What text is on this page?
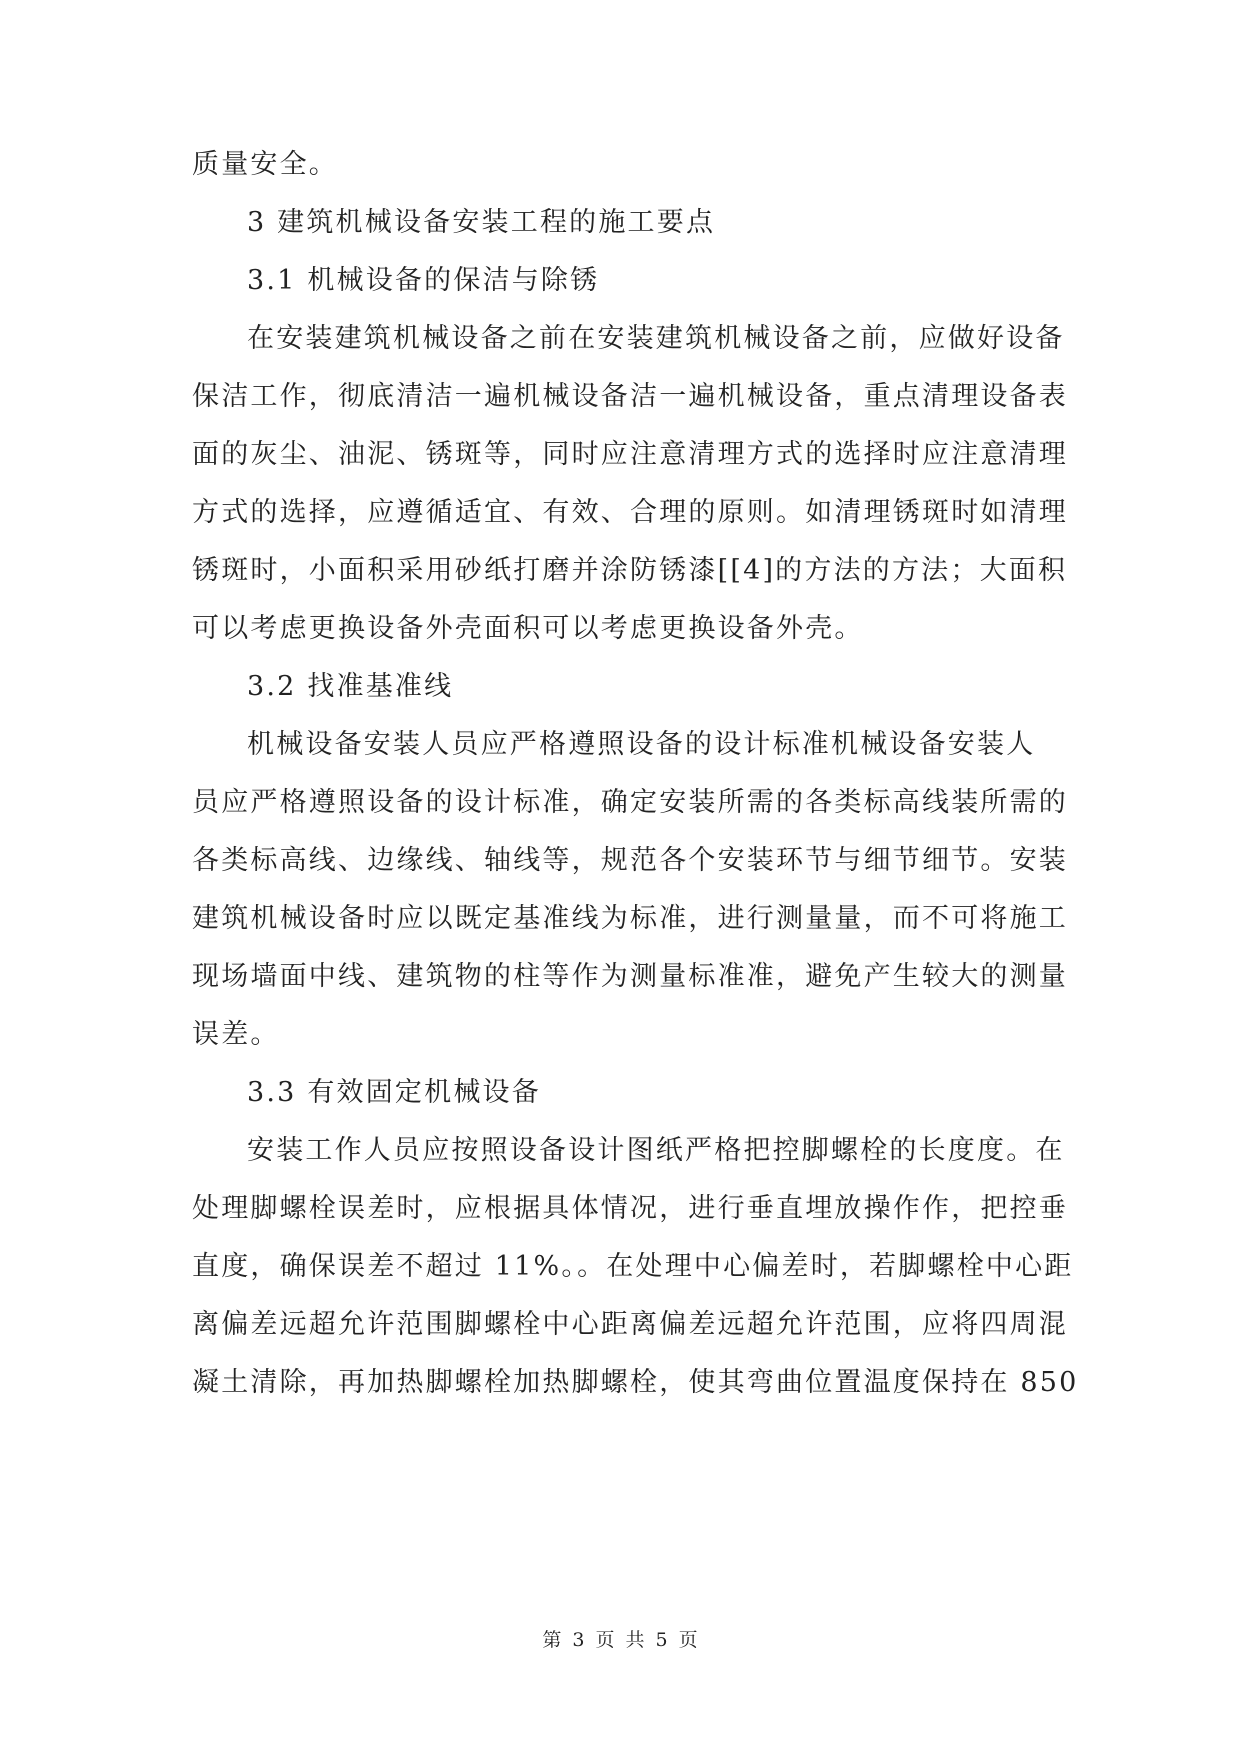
质量安全。
3 建筑机械设备安装工程的施工要点
3.1 机械设备的保洁与除锈
在安装建筑机械设备之前在安装建筑机械设备之前，应做好设备
保洁工作，彻底清洁一遍机械设备洁一遍机械设备，重点清理设备表
面的灰尘、油泥、锈斑等，同时应注意清理方式的选择时应注意清理
方式的选择，应遵循适宜、有效、合理的原则。如清理锈斑时如清理
锈斑时，小面积采用砂纸打磨并涂防锈漆[[4]的方法的方法；大面积
可以考虑更换设备外壳面积可以考虑更换设备外壳。
3.2 找准基准线
机械设备安装人员应严格遵照设备的设计标准机械设备安装人
员应严格遵照设备的设计标准，确定安装所需的各类标高线装所需的
各类标高线、边缘线、轴线等，规范各个安装环节与细节细节。安装
建筑机械设备时应以既定基准线为标准，进行测量量，而不可将施工
现场墙面中线、建筑物的柱等作为测量标准准，避免产生较大的测量
误差。
3.3 有效固定机械设备
安装工作人员应按照设备设计图纸严格把控脚螺栓的长度度。在
处理脚螺栓误差时，应根据具体情况，进行垂直埋放操作作，把控垂
直度，确保误差不超过 11%。。在处理中心偏差时，若脚螺栓中心距
离偏差远超允许范围脚螺栓中心距离偏差远超允许范围，应将四周混
凝土清除，再加热脚螺栓加热脚螺栓，使其弯曲位置温度保持在 850
第 3 页 共 5 页
